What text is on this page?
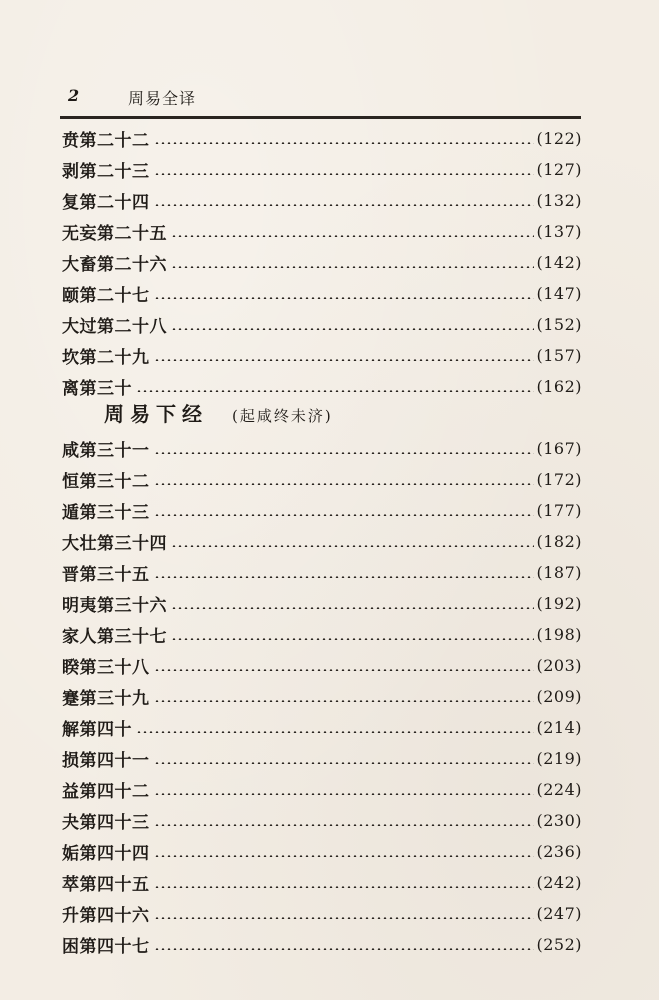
2	周易全译
贲第二十二	(122)
剥第二十三	(127)
复第二十四	(132)
无妄第二十五	(137)
大畜第二十六	(142)
颐第二十七	(147)
大过第二十八	(152)
坎第二十九	(157)
离第三十	(162)
周易下经 (起咸终未济)
咸第三十一	(167)
恒第三十二	(172)
遁第三十三	(177)
大壮第三十四	(182)
晋第三十五	(187)
明夷第三十六	(192)
家人第三十七	(198)
睽第三十八	(203)
蹇第三十九	(209)
解第四十	(214)
损第四十一	(219)
益第四十二	(224)
夬第四十三	(230)
姤第四十四	(236)
萃第四十五	(242)
升第四十六	(247)
困第四十七	(252)
